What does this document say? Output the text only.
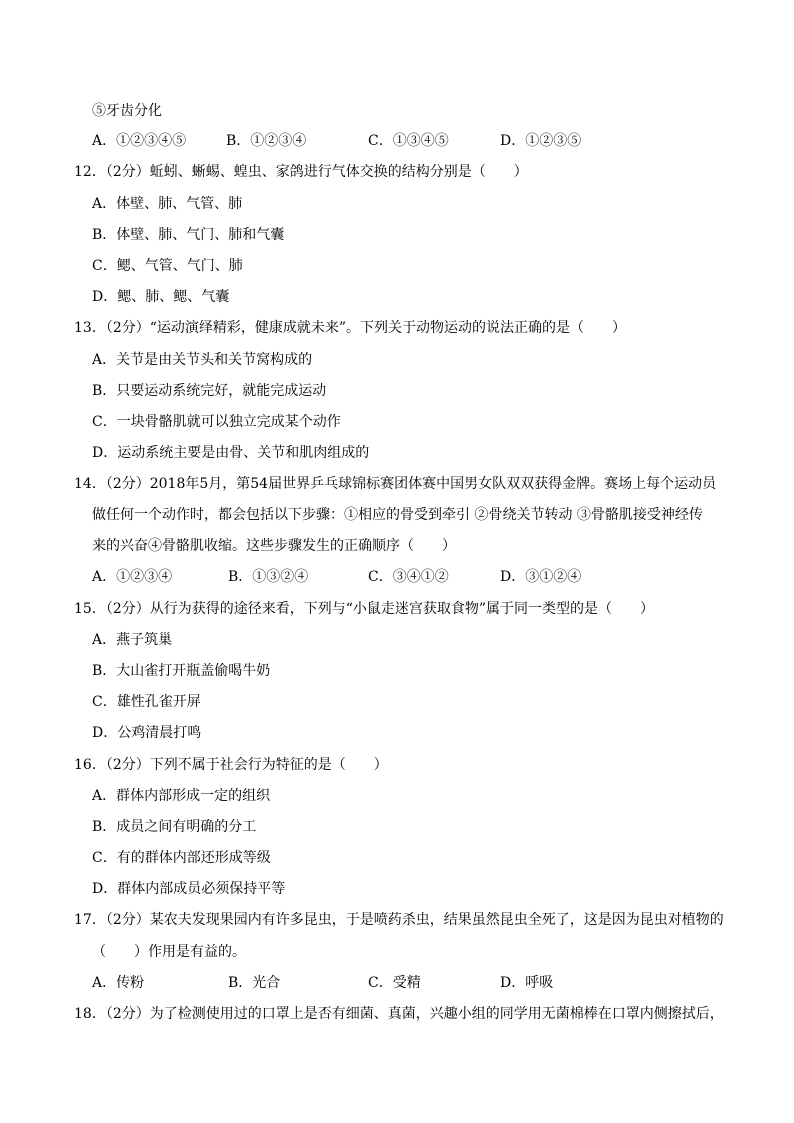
⑤牙齿分化
A．①②③④⑤	B．①②③④	C．①③④⑤	D．①②③⑤
12．（2分）蚯蚓、蜥蜴、蝗虫、家鸽进行气体交换的结构分别是（　　）
A．体壁、肺、气管、肺
B．体壁、肺、气门、肺和气囊
C．鳃、气管、气门、肺
D．鳃、肺、鳃、气囊
13．（2分）“运动演绎精彩，健康成就未来”。下列关于动物运动的说法正确的是（　　）
A．关节是由关节头和关节窝构成的
B．只要运动系统完好，就能完成运动
C．一块骨骼肌就可以独立完成某个动作
D．运动系统主要是由骨、关节和肌肉组成的
14．（2分）2018年5月，第54届世界乒乓球锦标赛团体赛中国男女队双双获得金牌。赛场上每个运动员
做任何一个动作时，都会包括以下步骤：①相应的骨受到牵引 ②骨绕关节转动 ③骨骼肌接受神经传
来的兴奋④骨骼肌收缩。这些步骤发生的正确顺序（　　）
A．①②③④	B．①③②④	C．③④①②	D．③①②④
15．（2分）从行为获得的途径来看，下列与“小鼠走迷宫获取食物”属于同一类型的是（　　）
A．燕子筑巢
B．大山雀打开瓶盖偷喝牛奶
C．雄性孔雀开屏
D．公鸡清晨打鸣
16．（2分）下列不属于社会行为特征的是（　　）
A．群体内部形成一定的组织
B．成员之间有明确的分工
C．有的群体内部还形成等级
D．群体内部成员必须保持平等
17．（2分）某农夫发现果园内有许多昆虫，于是喷药杀虫，结果虽然昆虫全死了，这是因为昆虫对植物的
（　　）作用是有益的。
A．传粉	B．光合	C．受精	D．呼吸
18．（2分）为了检测使用过的口罩上是否有细菌、真菌，兴趣小组的同学用无菌棉棒在口罩内侧擦拭后，
